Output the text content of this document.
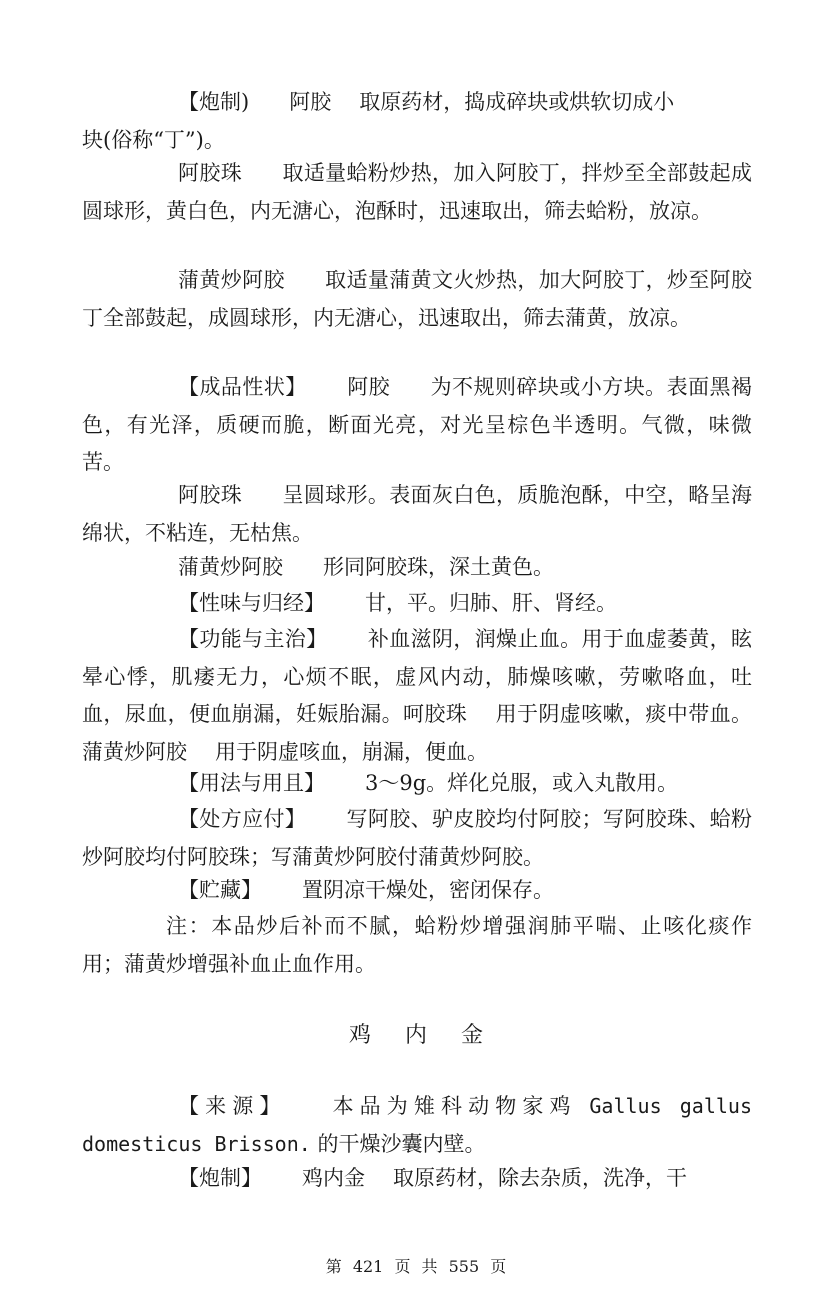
【炮制) 阿胶 取原药材，捣成碎块或烘软切成小
块(俗称“丁”)。

阿胶珠 取适量蛤粉炒热，加入阿胶丁，拌炒至全部鼓起成圆球形，黄白色，内无溏心，泡酥时，迅速取出，筛去蛤粉，放凉。

蒲黄炒阿胶 取适量蒲黄文火炒热，加大阿胶丁，炒至阿胶丁全部鼓起，成圆球形，内无溏心，迅速取出，筛去蒲黄，放凉。

【成品性状】 阿胶 为不规则碎块或小方块。表面黑褐色，有光泽，质硬而脆，断面光亮，对光呈棕色半透明。气微，味微苦。

阿胶珠 呈圆球形。表面灰白色，质脆泡酥，中空，略呈海绵状，不粘连，无枯焦。

蒲黄炒阿胶 形同阿胶珠，深土黄色。

【性味与归经】 甘，平。归肺、肝、肾经。

【功能与主治】 补血滋阴，润燥止血。用于血虚萎黄，眩晕心悸，肌痿无力，心烦不眠，虚风内动，肺燥咳嗽，劳嗽咯血，吐血，尿血，便血崩漏，妊娠胎漏。呵胶珠 用于阴虚咳嗽，痰中带血。蒲黄炒阿胶 用于阴虚咳血，崩漏，便血。

【用法与用且】 3～9g。烊化兑服，或入丸散用。

【处方应付】 写阿胶、驴皮胶均付阿胶；写阿胶珠、蛤粉炒阿胶均付阿胶珠；写蒲黄炒阿胶付蒲黄炒阿胶。

【贮藏】 置阴凉干燥处，密闭保存。

注：本品炒后补而不腻，蛤粉炒增强润肺平喘、止咳化痰作用；蒲黄炒增强补血止血作用。

鸡内金

【来源】 本品为雉科动物家鸡 Gallus gallus domesticus Brisson. 的干燥沙囊内壁。

【炮制】 鸡内金 取原药材，除去杂质，洗净，干

第 421 页 共 555 页
